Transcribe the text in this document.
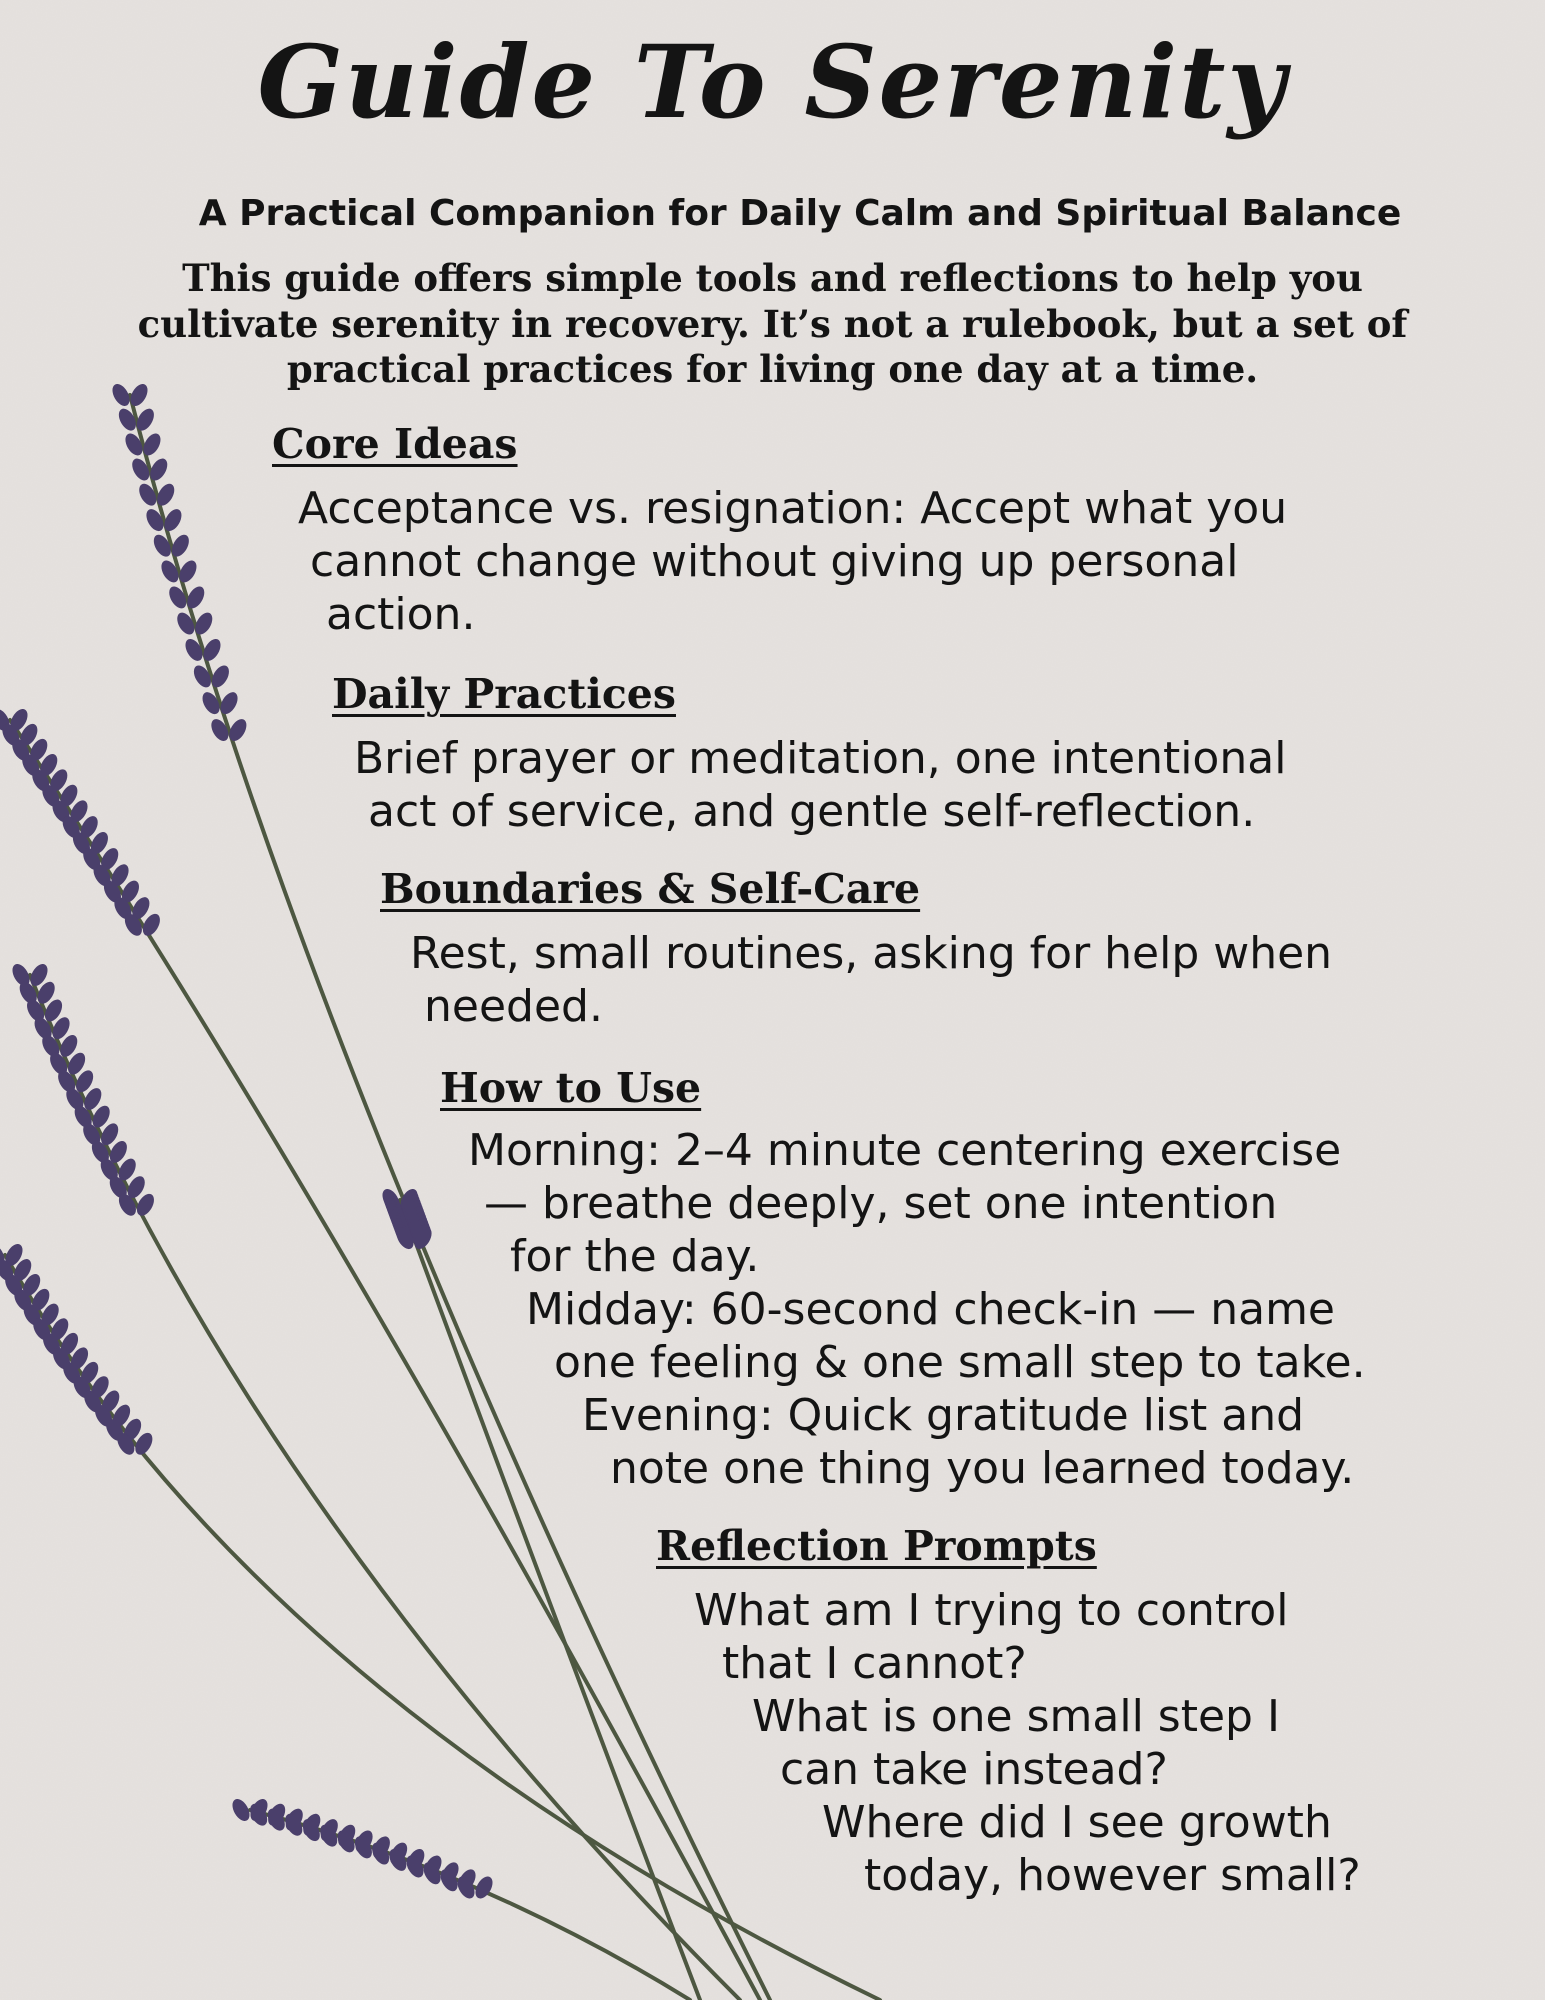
Guide To Serenity
A Practical Companion for Daily Calm and Spiritual Balance
This guide offers simple tools and reflections to help you
cultivate serenity in recovery. It’s not a rulebook, but a set of
practical practices for living one day at a time.
Core Ideas
Acceptance vs. resignation: Accept what you
cannot change without giving up personal
action.
Daily Practices
Brief prayer or meditation, one intentional
act of service, and gentle self-reflection.
Boundaries & Self-Care
Rest, small routines, asking for help when
needed.
How to Use
Morning: 2–4 minute centering exercise
— breathe deeply, set one intention
for the day.
Midday: 60-second check-in — name
one feeling & one small step to take.
Evening: Quick gratitude list and
note one thing you learned today.
Reflection Prompts
What am I trying to control
that I cannot?
What is one small step I
can take instead?
Where did I see growth
today, however small?
